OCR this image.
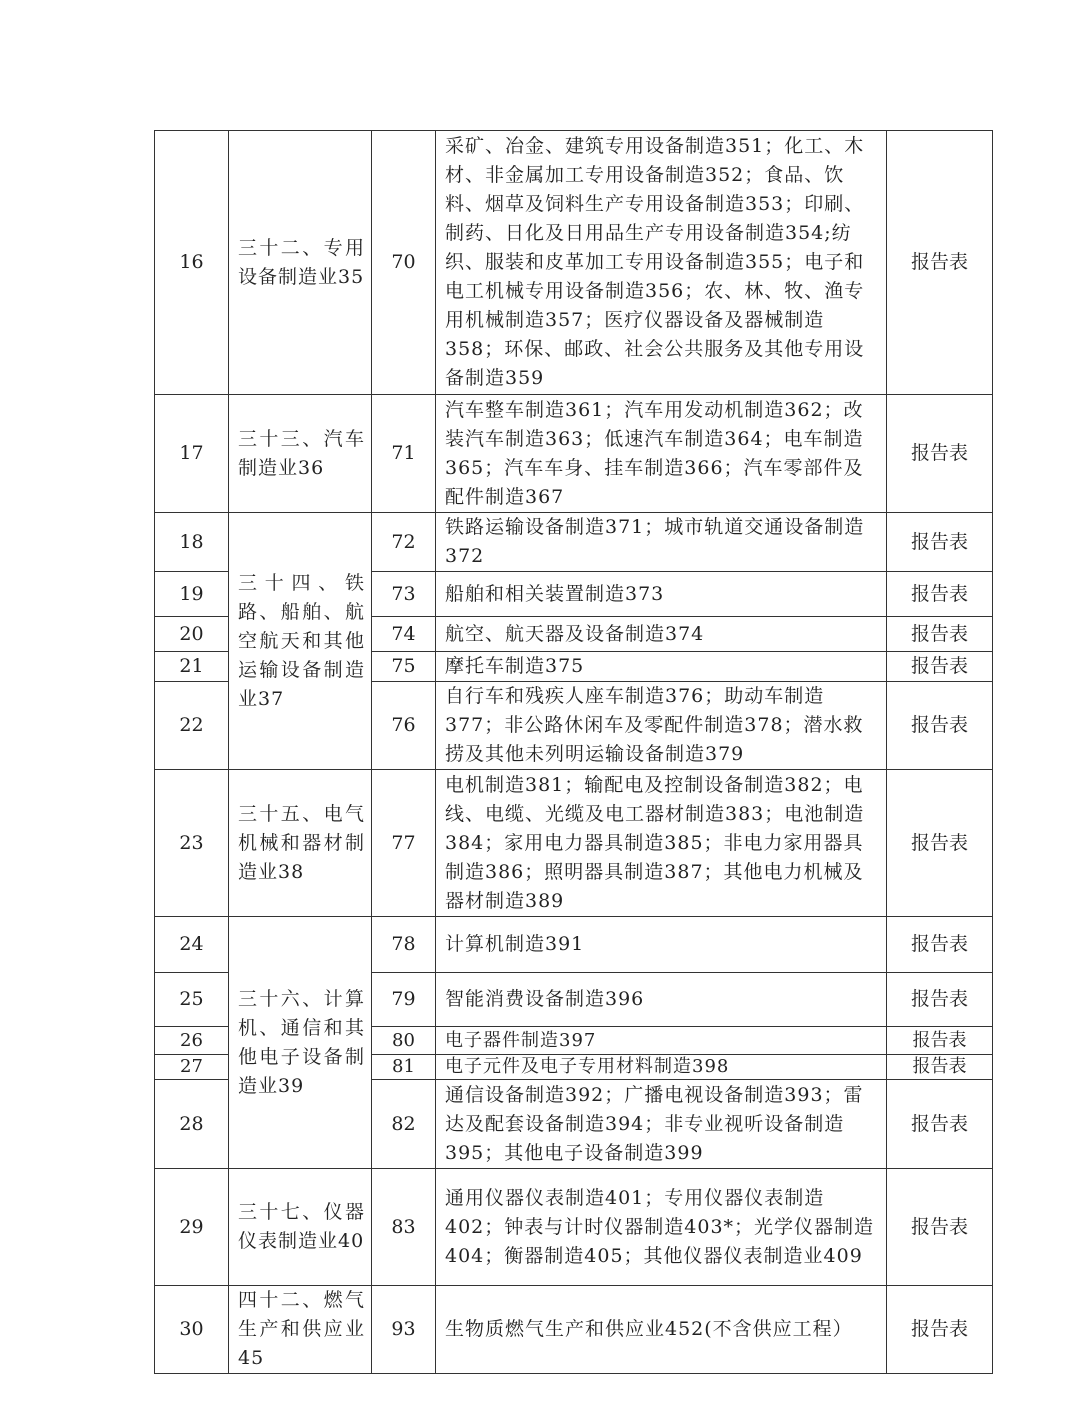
16	三十二、专用设备制造业35	70	采矿、冶金、建筑专用设备制造351；化工、木材、非金属加工专用设备制造352；食品、饮料、烟草及饲料生产专用设备制造353；印刷、制药、日化及日用品生产专用设备制造354;纺织、服装和皮革加工专用设备制造355；电子和电工机械专用设备制造356；农、林、牧、渔专用机械制造357；医疗仪器设备及器械制造358；环保、邮政、社会公共服务及其他专用设备制造359	报告表
17	三十三、汽车制造业36	71	汽车整车制造361；汽车用发动机制造362；改装汽车制造363；低速汽车制造364；电车制造365；汽车车身、挂车制造366；汽车零部件及配件制造367	报告表
18	三十四、铁路、船舶、航空航天和其他运输设备制造业37	72	铁路运输设备制造371；城市轨道交通设备制造372	报告表
19		73	船舶和相关装置制造373	报告表
20		74	航空、航天器及设备制造374	报告表
21		75	摩托车制造375	报告表
22		76	自行车和残疾人座车制造376；助动车制造377；非公路休闲车及零配件制造378；潜水救捞及其他未列明运输设备制造379	报告表
23	三十五、电气机械和器材制造业38	77	电机制造381；输配电及控制设备制造382；电线、电缆、光缆及电工器材制造383；电池制造384；家用电力器具制造385；非电力家用器具制造386；照明器具制造387；其他电力机械及器材制造389	报告表
24	三十六、计算机、通信和其他电子设备制造业39	78	计算机制造391	报告表
25		79	智能消费设备制造396	报告表
26		80	电子器件制造397	报告表
27		81	电子元件及电子专用材料制造398	报告表
28		82	通信设备制造392；广播电视设备制造393；雷达及配套设备制造394；非专业视听设备制造395；其他电子设备制造399	报告表
29	三十七、仪器仪表制造业40	83	通用仪器仪表制造401；专用仪器仪表制造402；钟表与计时仪器制造403*；光学仪器制造404；衡器制造405；其他仪器仪表制造业409	报告表
30	四十二、燃气生产和供应业45	93	生物质燃气生产和供应业452(不含供应工程）	报告表
